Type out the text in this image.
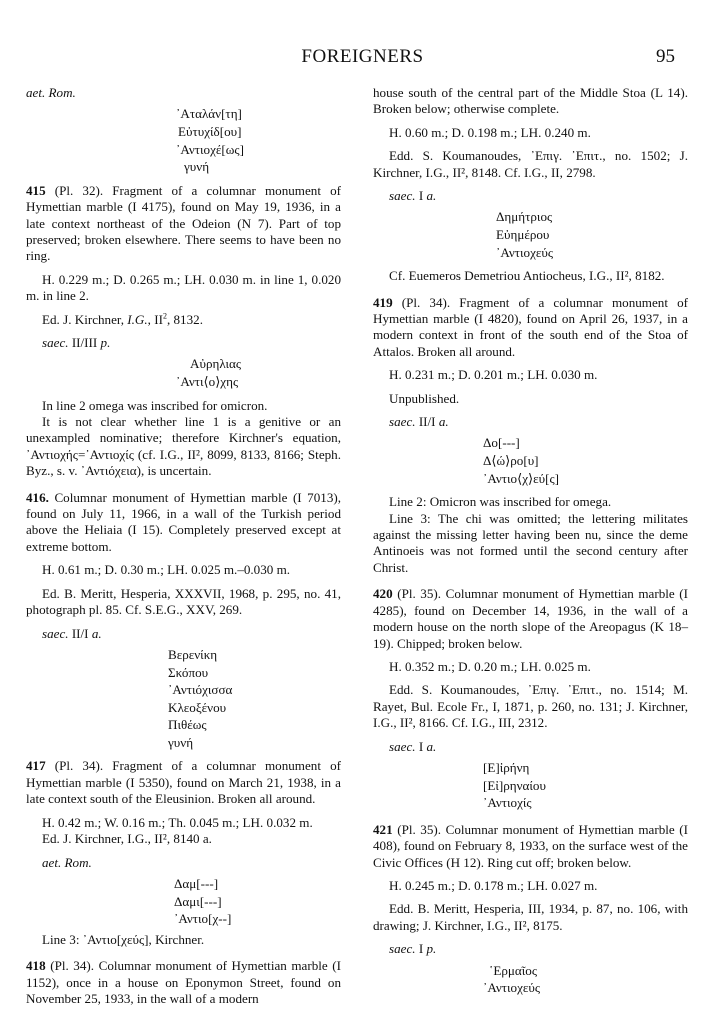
FOREIGNERS	95

aet. Rom.

᾿Αταλάν[τη]
Εὐτυχίδ[ου]
᾿Αντιοχέ[ως]
γυνή

415 (Pl. 32). Fragment of a columnar monument of Hymettian marble (I 4175), found on May 19, 1936, in a late context northeast of the Odeion (N 7). Part of top preserved; broken elsewhere. There seems to have been no ring.

H. 0.229 m.; D. 0.265 m.; LH. 0.030 m. in line 1, 0.020 m. in line 2.

Ed. J. Kirchner, I.G., $II^2$, 8132.

saec. II/III p.

Αὐρηλιας
᾿Αντι⟨ο⟩χης

In line 2 omega was inscribed for omicron.

It is not clear whether line 1 is a genitive or an unexampled nominative; therefore Kirchner's equation, ᾿Αντιοχής=᾿Αντιοχίς (cf. I.G., II², 8099, 8133, 8166; Steph. Byz., s. v. ᾿Αντιόχεια), is uncertain.

416. Columnar monument of Hymettian marble (I 7013), found on July 11, 1966, in a wall of the Turkish period above the Heliaia (I 15). Completely preserved except at extreme bottom.

H. 0.61 m.; D. 0.30 m.; LH. 0.025 m.–0.030 m.

Ed. B. Meritt, Hesperia, XXXVII, 1968, p. 295, no. 41, photograph pl. 85. Cf. S.E.G., XXV, 269.

saec. II/I a.

Βερενίκη
Σκόπου
᾿Αντιόχισσα
Κλεοξένου
Πιθέως
γυνή

417 (Pl. 34). Fragment of a columnar monument of Hymettian marble (I 5350), found on March 21, 1938, in a late context south of the Eleusinion. Broken all around.

H. 0.42 m.; W. 0.16 m.; Th. 0.045 m.; LH. 0.032 m.

Ed. J. Kirchner, I.G., II², 8140 a.

aet. Rom.

Δαμ[---]
Δαμι[---]
᾿Αντιο[χ--]

Line 3: ᾿Αντιο[χεύς], Kirchner.

418 (Pl. 34). Columnar monument of Hymettian marble (I 1152), once in a house on Eponymon Street, found on November 25, 1933, in the wall of a modern

house south of the central part of the Middle Stoa (L 14). Broken below; otherwise complete.

H. 0.60 m.; D. 0.198 m.; LH. 0.240 m.

Edd. S. Koumanoudes, ᾿Επιγ. ᾿Επιτ., no. 1502; J. Kirchner, I.G., II², 8148. Cf. I.G., II, 2798.

saec. I a.

Δημήτριος
Εὐημέρου
᾿Αντιοχεύς

Cf. Euemeros Demetriou Antiocheus, I.G., II², 8182.

419 (Pl. 34). Fragment of a columnar monument of Hymettian marble (I 4820), found on April 26, 1937, in a modern context in front of the south end of the Stoa of Attalos. Broken all around.

H. 0.231 m.; D. 0.201 m.; LH. 0.030 m.

Unpublished.

saec. II/I a.

Δο[---]
Δ⟨ώ⟩ρο[υ]
᾿Αντιο⟨χ⟩εύ[ς]

Line 2: Omicron was inscribed for omega.

Line 3: The chi was omitted; the lettering militates against the missing letter having been nu, since the deme Antinoeis was not formed until the second century after Christ.

420 (Pl. 35). Columnar monument of Hymettian marble (I 4285), found on December 14, 1936, in the wall of a modern house on the north slope of the Areopagus (K 18–19). Chipped; broken below.

H. 0.352 m.; D. 0.20 m.; LH. 0.025 m.

Edd. S. Koumanoudes, ᾿Επιγ. ᾿Επιτ., no. 1514; M. Rayet, Bul. Ecole Fr., I, 1871, p. 260, no. 131; J. Kirchner, I.G., II², 8166. Cf. I.G., III, 2312.

saec. I a.

[Ε]ἰρήνη
[Εἰ]ρηναίου
᾿Αντιοχίς

421 (Pl. 35). Columnar monument of Hymettian marble (I 408), found on February 8, 1933, on the surface west of the Civic Offices (H 12). Ring cut off; broken below.

H. 0.245 m.; D. 0.178 m.; LH. 0.027 m.

Edd. B. Meritt, Hesperia, III, 1934, p. 87, no. 106, with drawing; J. Kirchner, I.G., II², 8175.

saec. I p.

῾Ερμαῖος
᾿Αντιοχεύς
